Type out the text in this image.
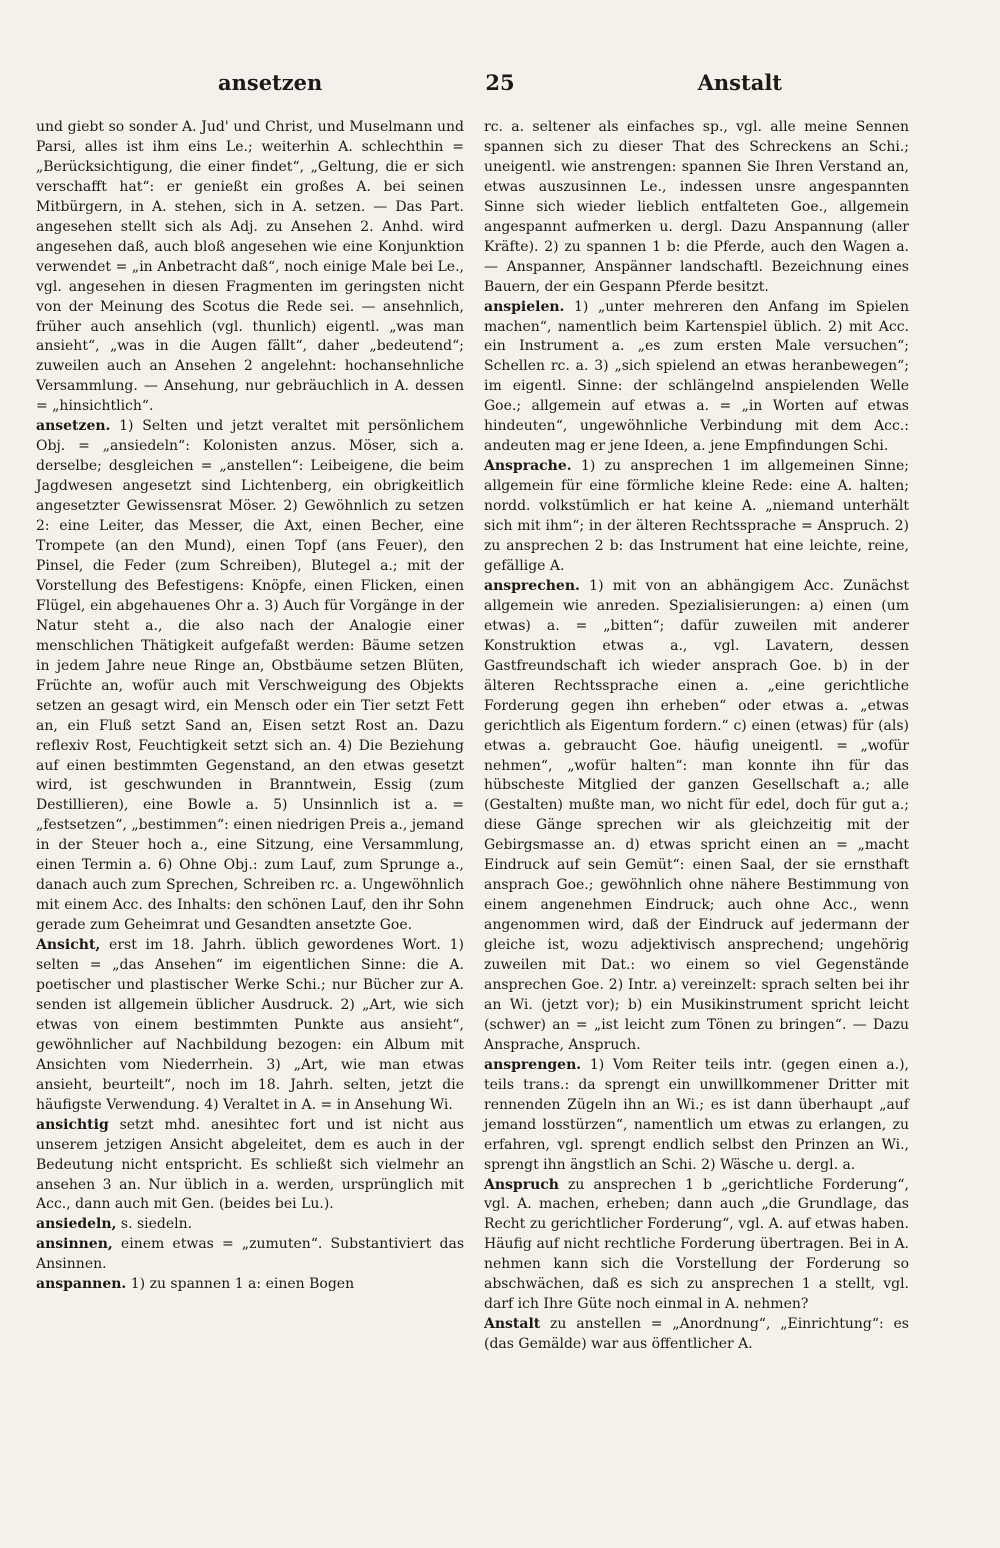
25
ansetzen	Anstalt

und giebt so sonder A. Jud' und Christ, und Muselmann und Parsi, alles ist ihm eins Le.; weiterhin A. schlechthin = „Berücksichtigung, die einer findet“, „Geltung, die er sich verschafft hat“: er genießt ein großes A. bei seinen Mitbürgern, in A. stehen, sich in A. setzen. — Das Part. angesehen stellt sich als Adj. zu Ansehen 2. Anhd. wird angesehen daß, auch bloß angesehen wie eine Konjunktion verwendet = „in Anbetracht daß“, noch einige Male bei Le., vgl. angesehen in diesen Fragmenten im geringsten nicht von der Meinung des Scotus die Rede sei. — ansehnlich, früher auch ansehlich (vgl. thunlich) eigentl. „was man ansieht“, „was in die Augen fällt“, daher „bedeutend“; zuweilen auch an Ansehen 2 angelehnt: hochansehnliche Versammlung. — Ansehung, nur gebräuchlich in A. dessen = „hinsichtlich“.

ansetzen. 1) Selten und jetzt veraltet mit persönlichem Obj. = „ansiedeln“: Kolonisten anzus. Möser, sich a. derselbe; desgleichen = „anstellen“: Leibeigene, die beim Jagdwesen angesetzt sind Lichtenberg, ein obrigkeitlich angesetzter Gewissensrat Möser. 2) Gewöhnlich zu setzen 2: eine Leiter, das Messer, die Axt, einen Becher, eine Trompete (an den Mund), einen Topf (ans Feuer), den Pinsel, die Feder (zum Schreiben), Blutegel a.; mit der Vorstellung des Befestigens: Knöpfe, einen Flicken, einen Flügel, ein abgehauenes Ohr a. 3) Auch für Vorgänge in der Natur steht a., die also nach der Analogie einer menschlichen Thätigkeit aufgefaßt werden: Bäume setzen in jedem Jahre neue Ringe an, Obstbäume setzen Blüten, Früchte an, wofür auch mit Verschweigung des Objekts setzen an gesagt wird, ein Mensch oder ein Tier setzt Fett an, ein Fluß setzt Sand an, Eisen setzt Rost an. Dazu reflexiv Rost, Feuchtigkeit setzt sich an. 4) Die Beziehung auf einen bestimmten Gegenstand, an den etwas gesetzt wird, ist geschwunden in Branntwein, Essig (zum Destillieren), eine Bowle a. 5) Unsinnlich ist a. = „festsetzen“, „bestimmen“: einen niedrigen Preis a., jemand in der Steuer hoch a., eine Sitzung, eine Versammlung, einen Termin a. 6) Ohne Obj.: zum Lauf, zum Sprunge a., danach auch zum Sprechen, Schreiben rc. a. Ungewöhnlich mit einem Acc. des Inhalts: den schönen Lauf, den ihr Sohn gerade zum Geheimrat und Gesandten ansetzte Goe.

Ansicht, erst im 18. Jahrh. üblich gewordenes Wort. 1) selten = „das Ansehen“ im eigentlichen Sinne: die A. poetischer und plastischer Werke Schi.; nur Bücher zur A. senden ist allgemein üblicher Ausdruck. 2) „Art, wie sich etwas von einem bestimmten Punkte aus ansieht“, gewöhnlicher auf Nachbildung bezogen: ein Album mit Ansichten vom Niederrhein. 3) „Art, wie man etwas ansieht, beurteilt“, noch im 18. Jahrh. selten, jetzt die häufigste Verwendung. 4) Veraltet in A. = in Ansehung Wi.

ansichtig setzt mhd. anesihtec fort und ist nicht aus unserem jetzigen Ansicht abgeleitet, dem es auch in der Bedeutung nicht entspricht. Es schließt sich vielmehr an ansehen 3 an. Nur üblich in a. werden, ursprünglich mit Acc., dann auch mit Gen. (beides bei Lu.).

ansiedeln, s. siedeln.

ansinnen, einem etwas = „zumuten“. Substantiviert das Ansinnen.

anspannen. 1) zu spannen 1 a: einen Bogen

rc. a. seltener als einfaches sp., vgl. alle meine Sennen spannen sich zu dieser That des Schreckens an Schi.; uneigentl. wie anstrengen: spannen Sie Ihren Verstand an, etwas auszusinnen Le., indessen unsre angespannten Sinne sich wieder lieblich entfalteten Goe., allgemein angespannt aufmerken u. dergl. Dazu Anspannung (aller Kräfte). 2) zu spannen 1 b: die Pferde, auch den Wagen a. — Anspanner, Anspänner landschaftl. Bezeichnung eines Bauern, der ein Gespann Pferde besitzt.

anspielen. 1) „unter mehreren den Anfang im Spielen machen“, namentlich beim Kartenspiel üblich. 2) mit Acc. ein Instrument a. „es zum ersten Male versuchen“; Schellen rc. a. 3) „sich spielend an etwas heranbewegen“; im eigentl. Sinne: der schlängelnd anspielenden Welle Goe.; allgemein auf etwas a. = „in Worten auf etwas hindeuten“, ungewöhnliche Verbindung mit dem Acc.: andeuten mag er jene Ideen, a. jene Empfindungen Schi.

Ansprache. 1) zu ansprechen 1 im allgemeinen Sinne; allgemein für eine förmliche kleine Rede: eine A. halten; nordd. volkstümlich er hat keine A. „niemand unterhält sich mit ihm“; in der älteren Rechtssprache = Anspruch. 2) zu ansprechen 2 b: das Instrument hat eine leichte, reine, gefällige A.

ansprechen. 1) mit von an abhängigem Acc. Zunächst allgemein wie anreden. Spezialisierungen: a) einen (um etwas) a. = „bitten“; dafür zuweilen mit anderer Konstruktion etwas a., vgl. Lavatern, dessen Gastfreundschaft ich wieder ansprach Goe. b) in der älteren Rechtssprache einen a. „eine gerichtliche Forderung gegen ihn erheben“ oder etwas a. „etwas gerichtlich als Eigentum fordern.“ c) einen (etwas) für (als) etwas a. gebraucht Goe. häufig uneigentl. = „wofür nehmen“, „wofür halten“: man konnte ihn für das hübscheste Mitglied der ganzen Gesellschaft a.; alle (Gestalten) mußte man, wo nicht für edel, doch für gut a.; diese Gänge sprechen wir als gleichzeitig mit der Gebirgsmasse an. d) etwas spricht einen an = „macht Eindruck auf sein Gemüt“: einen Saal, der sie ernsthaft ansprach Goe.; gewöhnlich ohne nähere Bestimmung von einem angenehmen Eindruck; auch ohne Acc., wenn angenommen wird, daß der Eindruck auf jedermann der gleiche ist, wozu adjektivisch ansprechend; ungehörig zuweilen mit Dat.: wo einem so viel Gegenstände ansprechen Goe. 2) Intr. a) vereinzelt: sprach selten bei ihr an Wi. (jetzt vor); b) ein Musikinstrument spricht leicht (schwer) an = „ist leicht zum Tönen zu bringen“. — Dazu Ansprache, Anspruch.

ansprengen. 1) Vom Reiter teils intr. (gegen einen a.), teils trans.: da sprengt ein unwillkommener Dritter mit rennenden Zügeln ihn an Wi.; es ist dann überhaupt „auf jemand losstürzen“, namentlich um etwas zu erlangen, zu erfahren, vgl. sprengt endlich selbst den Prinzen an Wi., sprengt ihn ängstlich an Schi. 2) Wäsche u. dergl. a.

Anspruch zu ansprechen 1 b „gerichtliche Forderung“, vgl. A. machen, erheben; dann auch „die Grundlage, das Recht zu gerichtlicher Forderung“, vgl. A. auf etwas haben. Häufig auf nicht rechtliche Forderung übertragen. Bei in A. nehmen kann sich die Vorstellung der Forderung so abschwächen, daß es sich zu ansprechen 1 a stellt, vgl. darf ich Ihre Güte noch einmal in A. nehmen?

Anstalt zu anstellen = „Anordnung“, „Einrichtung“: es (das Gemälde) war aus öffentlicher A.
